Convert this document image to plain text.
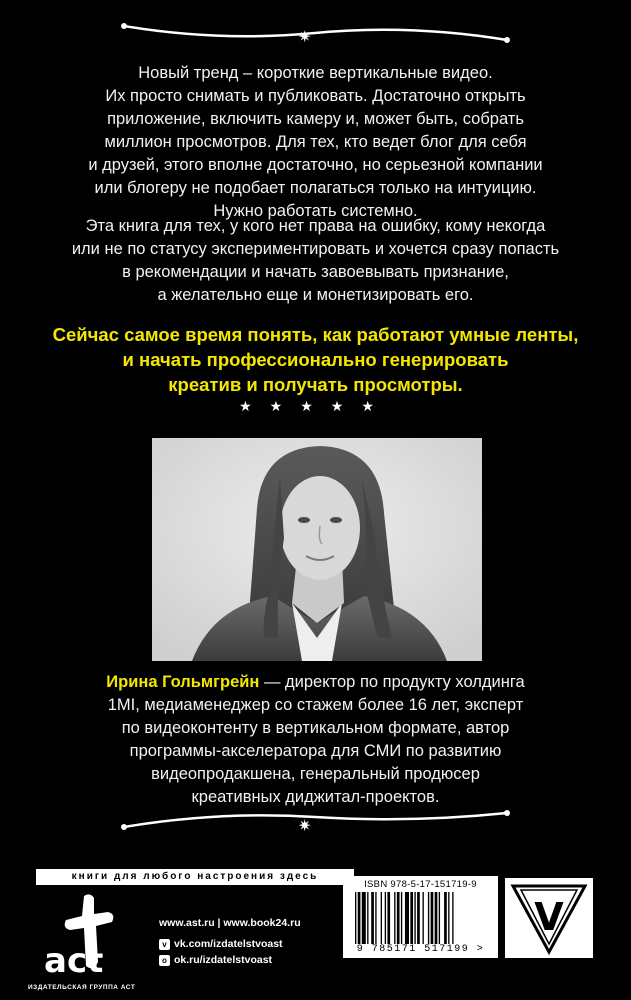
✷
Новый тренд – короткие вертикальные видео.
Их просто снимать и публиковать. Достаточно открыть
приложение, включить камеру и, может быть, собрать
миллион просмотров. Для тех, кто ведет блог для себя
и друзей, этого вполне достаточно, но серьезной компании
или блогеру не подобает полагаться только на интуицию.
Нужно работать системно.
Эта книга для тех, у кого нет права на ошибку, кому некогда
или не по статусу экспериментировать и хочется сразу попасть
в рекомендации и начать завоевывать признание,
а желательно еще и монетизировать его.
Сейчас самое время понять, как работают умные ленты,
и начать профессионально генерировать
креатив и получать просмотры.
★★★★★
Ирина Гольмгрейн — директор по продукту холдинга
1MI, медиаменеджер со стажем более 16 лет, эксперт
по видеоконтенту в вертикальном формате, автор
программы-акселератора для СМИ по развитию
видеопродакшена, генеральный продюсер
креативных диджитал-проектов.
✷
книги для любого настроения здесь
act
ИЗДАТЕЛЬСКАЯ ГРУППА АСТ
www.ast.ru | www.book24.ru
v vk.com/izdatelstvoast
o ok.ru/izdatelstvoast
ISBN 978-5-17-151719-9
9 785171 517199 >
V
